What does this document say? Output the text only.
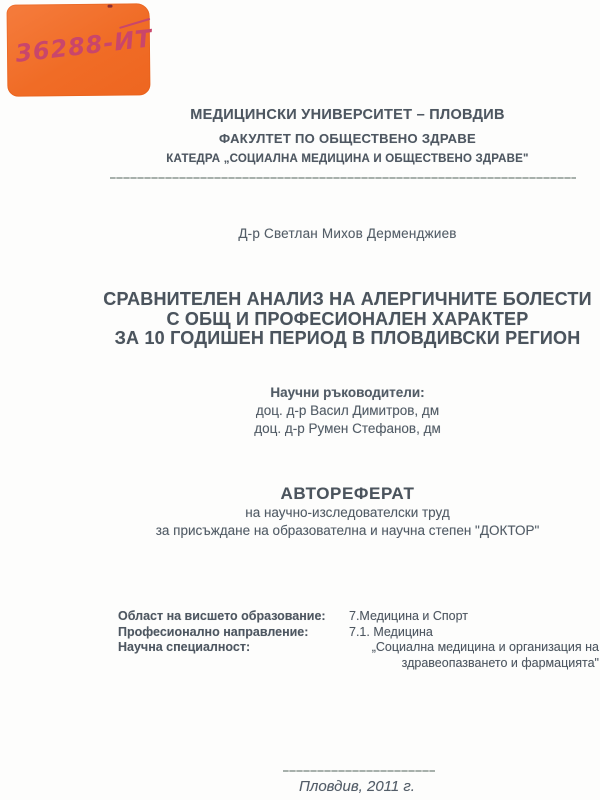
36288-ИТ
МЕДИЦИНСКИ УНИВЕРСИТЕТ – ПЛОВДИВ
ФАКУЛТЕТ ПО ОБЩЕСТВЕНО ЗДРАВЕ
КАТЕДРА „СОЦИАЛНА МЕДИЦИНА И ОБЩЕСТВЕНО ЗДРАВЕ"
Д-р Светлан Михов Дерменджиев
СРАВНИТЕЛЕН АНАЛИЗ НА АЛЕРГИЧНИТЕ БОЛЕСТИ
С ОБЩ И ПРОФЕСИОНАЛЕН ХАРАКТЕР
ЗА 10 ГОДИШЕН ПЕРИОД В ПЛОВДИВСКИ РЕГИОН
Научни ръководители:
доц. д-р Васил Димитров, дм
доц. д-р Румен Стефанов, дм
АВТОРЕФЕРАТ
на научно-изследователски труд
за присъждане на образователна и научна степен "ДОКТОР"
Област на висшето образование:	7.Медицина и Спорт
Професионално направление:	7.1. Медицина
Научна специалност:	„Социална медицина и организация на
здравеопазването и фармацията"
Пловдив, 2011 г.
